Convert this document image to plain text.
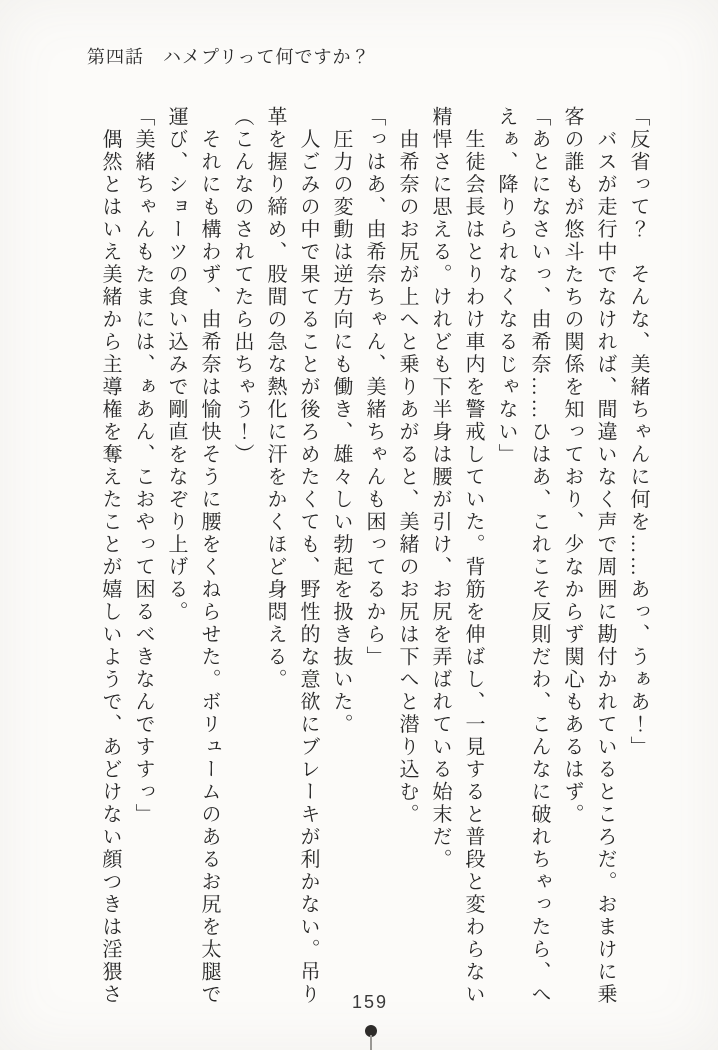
第四話　ハメプリって何ですか？

「反省って？　そんな、美緒ちゃんに何を……あっ、うぁあ！」

　バスが走行中でなければ、間違いなく声で周囲に勘付かれているところだ。おまけに乗客の誰もが悠斗たちの関係を知っており、少なからず関心もあるはず。

「あとになさいっ、由希奈……ひはあ、これこそ反則だわ、こんなに破れちゃったら、へえぁ、降りられなくなるじゃない」

　生徒会長はとりわけ車内を警戒していた。背筋を伸ばし、一見すると普段と変わらない精悍さに思える。けれども下半身は腰が引け、お尻を弄ばれている始末だ。

　由希奈のお尻が上へと乗りあがると、美緒のお尻は下へと潜り込む。

「っはあ、由希奈ちゃん、美緒ちゃんも困ってるから」

　圧力の変動は逆方向にも働き、雄々しい勃起を扱き抜いた。

　人ごみの中で果てることが後ろめたくても、野性的な意欲にブレーキが利かない。吊り革を握り締め、股間の急な熱化に汗をかくほど身悶える。

（こんなのされてたら出ちゃう！）

　それにも構わず、由希奈は愉快そうに腰をくねらせた。ボリュームのあるお尻を太腿で運び、ショーツの食い込みで剛直をなぞり上げる。

「美緒ちゃんもたまには、ぁあん、こおやって困るべきなんですすっ」

　偶然とはいえ美緒から主導権を奪えたことが嬉しいようで、あどけない顔つきは淫猥さ	159
